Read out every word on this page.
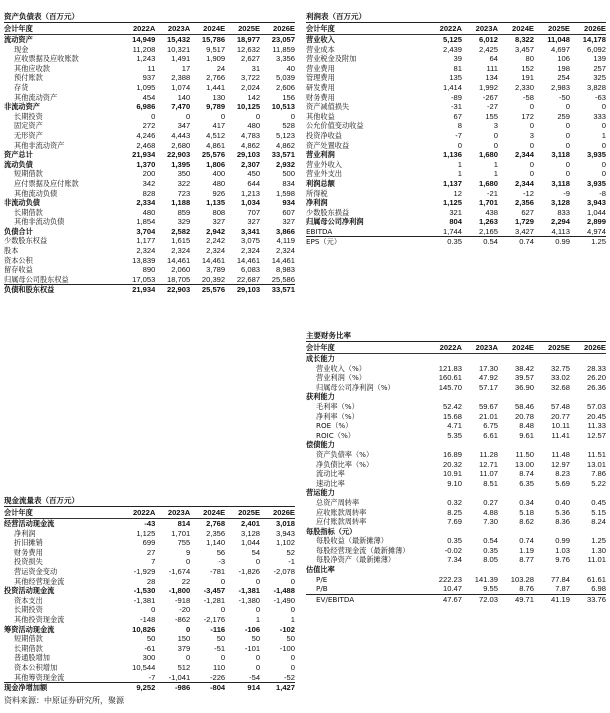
资产负债表（百万元）
会计年度	2022A	2023A	2024E	2025E	2026E
流动资产	14,949	15,432	15,786	18,977	23,057
现金	11,208	10,321	9,517	12,632	11,859
应收票据及应收账款	1,243	1,491	1,909	2,627	3,356
其他应收款	11	17	24	31	40
预付账款	937	2,388	2,766	3,722	5,039
存货	1,095	1,074	1,441	2,024	2,606
其他流动资产	454	140	130	142	156
非流动资产	6,986	7,470	9,789	10,125	10,513
长期投资	0	0	0	0	0
固定资产	272	347	417	480	528
无形资产	4,246	4,443	4,512	4,783	5,123
其他非流动资产	2,468	2,680	4,861	4,862	4,862
资产总计	21,934	22,903	25,576	29,103	33,571
流动负债	1,370	1,395	1,806	2,307	2,932
短期借款	200	350	400	450	500
应付票据及应付账款	342	322	480	644	834
其他流动负债	828	723	926	1,213	1,598
非流动负债	2,334	1,188	1,135	1,034	934
长期借款	480	859	808	707	607
其他非流动负债	1,854	329	327	327	327
负债合计	3,704	2,582	2,942	3,341	3,866
少数股东权益	1,177	1,615	2,242	3,075	4,119
股本	2,324	2,324	2,324	2,324	2,324
资本公积	13,839	14,461	14,461	14,461	14,461
留存收益	890	2,060	3,789	6,083	8,983
归属母公司股东权益	17,053	18,705	20,392	22,687	25,586
负债和股东权益	21,934	22,903	25,576	29,103	33,571
利润表（百万元）
会计年度	2022A	2023A	2024E	2025E	2026E
营业收入	5,125	6,012	8,322	11,048	14,178
营业成本	2,439	2,425	3,457	4,697	6,092
营业税金及附加	39	64	80	106	139
营业费用	81	111	152	198	257
管理费用	135	134	191	254	325
研发费用	1,414	1,992	2,330	2,983	3,828
财务费用	-89	-267	-58	-50	-63
资产减值损失	-31	-27	0	0	0
其他收益	67	155	172	259	333
公允价值变动收益	8	3	0	0	0
投资净收益	-7	0	3	0	1
资产处置收益	0	0	0	0	0
营业利润	1,136	1,680	2,344	3,118	3,935
营业外收入	1	1	0	0	0
营业外支出	1	1	0	0	0
利润总额	1,137	1,680	2,344	3,118	3,935
所得税	12	-21	-12	-9	-8
净利润	1,125	1,701	2,356	3,128	3,943
少数股东损益	321	438	627	833	1,044
归属母公司净利润	804	1,263	1,729	2,294	2,899
EBITDA	1,744	2,165	3,427	4,113	4,974
EPS（元）	0.35	0.54	0.74	0.99	1.25
主要财务比率
会计年度	2022A	2023A	2024E	2025E	2026E
成长能力					
营业收入（%）	121.83	17.30	38.42	32.75	28.33
营业利润（%）	160.61	47.92	39.57	33.02	26.20
归属母公司净利润（%）	145.70	57.17	36.90	32.68	26.36
获利能力					
毛利率（%）	52.42	59.67	58.46	57.48	57.03
净利率（%）	15.68	21.01	20.78	20.77	20.45
ROE（%）	4.71	6.75	8.48	10.11	11.33
ROIC（%）	5.35	6.61	9.61	11.41	12.57
偿债能力					
资产负债率（%）	16.89	11.28	11.50	11.48	11.51
净负债比率（%）	20.32	12.71	13.00	12.97	13.01
流动比率	10.91	11.07	8.74	8.23	7.86
速动比率	9.10	8.51	6.35	5.69	5.22
营运能力					
总资产周转率	0.32	0.27	0.34	0.40	0.45
应收账款周转率	8.25	4.88	5.18	5.36	5.15
应付账款周转率	7.69	7.30	8.62	8.36	8.24
每股指标（元）					
每股收益（最新摊薄）	0.35	0.54	0.74	0.99	1.25
每股经营现金流（最新摊薄）	-0.02	0.35	1.19	1.03	1.30
每股净资产（最新摊薄）	7.34	8.05	8.77	9.76	11.01
估值比率					
P/E	222.23	141.39	103.28	77.84	61.61
P/B	10.47	9.55	8.76	7.87	6.98
EV/EBITDA	47.67	72.03	49.71	41.19	33.76
现金流量表（百万元）
会计年度	2022A	2023A	2024E	2025E	2026E
经营活动现金流	-43	814	2,768	2,401	3,018
净利润	1,125	1,701	2,356	3,128	3,943
折旧摊销	699	755	1,140	1,044	1,102
财务费用	27	9	56	54	52
投资损失	7	0	-3	0	-1
营运资金变动	-1,929	-1,674	-781	-1,826	-2,078
其他经营现金流	28	22	0	0	0
投资活动现金流	-1,530	-1,800	-3,457	-1,381	-1,488
资本支出	-1,381	-918	-1,281	-1,380	-1,490
长期投资	0	-20	0	0	0
其他投资现金流	-148	-862	-2,176	1	1
筹资活动现金流	10,826	0	-116	-106	-102
短期借款	50	150	50	50	50
长期借款	-61	379	-51	-101	-100
普通股增加	300	0	0	0	0
资本公积增加	10,544	512	110	0	0
其他筹资现金流	-7	-1,041	-226	-54	-52
现金净增加额	9,252	-986	-804	914	1,427
资料来源：中原证券研究所，聚源
